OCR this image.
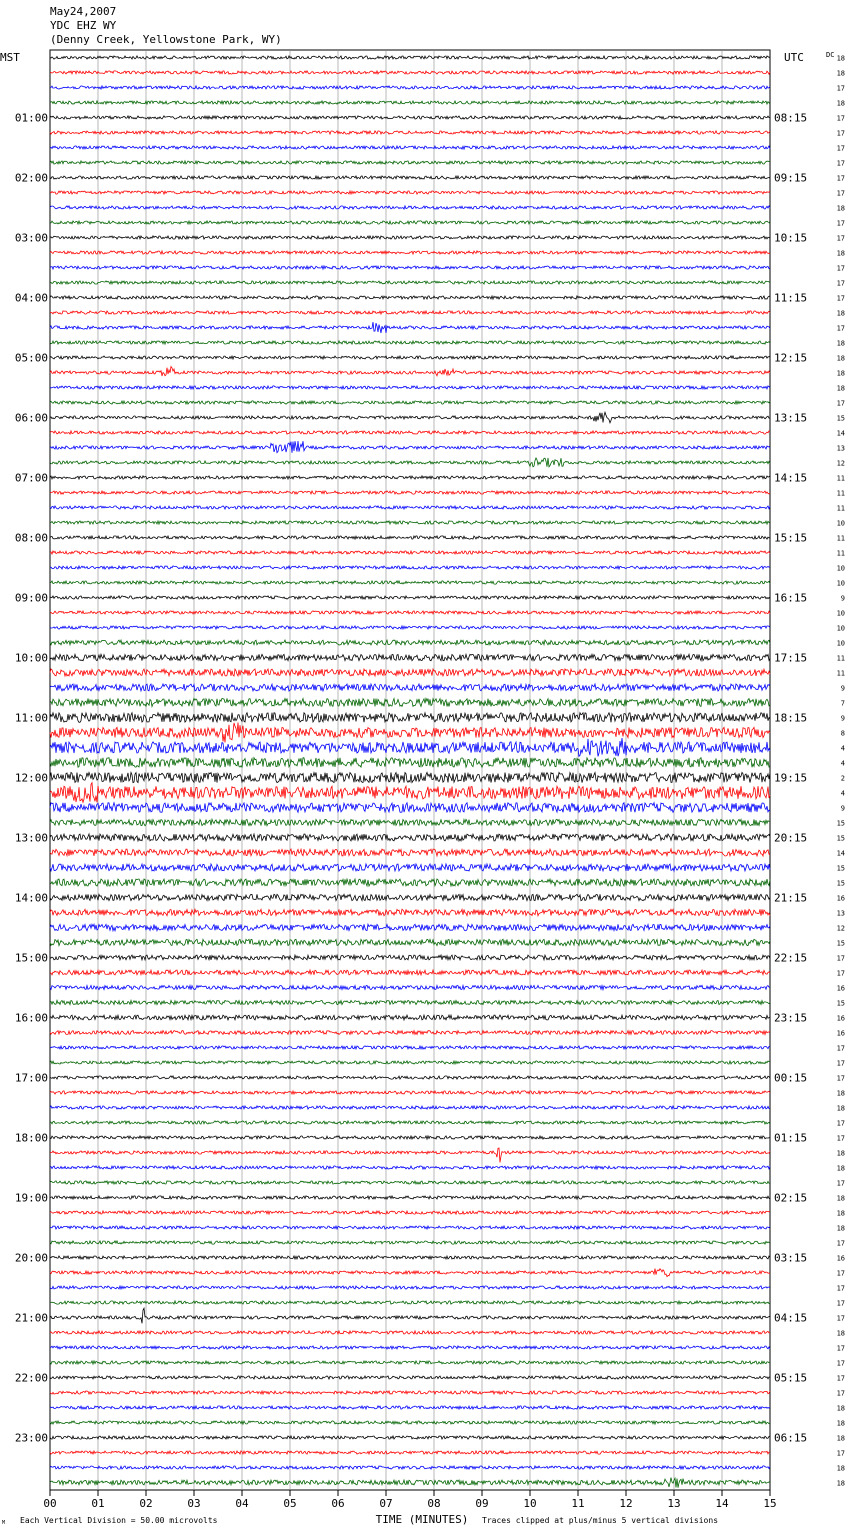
May24,2007
YDC EHZ WY
(Denny Creek, Yellowstone Park, WY)
MST	UTC	DC
01:00
02:00
03:00
04:00
05:00
06:00
07:00
08:00
09:00
10:00
11:00
12:00
13:00
14:00
15:00
16:00
17:00
18:00
19:00
20:00
21:00
22:00
23:00
08:15
09:15
10:15
11:15
12:15
13:15
14:15
15:15
16:15
17:15
18:15
19:15
20:15
21:15
22:15
23:15
00:15
01:15
02:15
03:15
04:15
05:15
06:15
18
18
17
18
17
17
17
17
17
17
18
17
17
18
17
17
17
18
17
18
18
18
18
17
15
14
13
12
11
11
11
10
11
11
10
10
9
10
10
10
11
11
9
7
9
8
4
4
2
4
9
15
15
14
15
15
16
13
12
15
17
17
16
15
16
16
17
17
17
18
18
17
17
18
18
17
18
18
18
17
16
17
17
17
17
18
17
17
17
17
18
18
18
17
18
18
00	01	02	03	04	05	06	07	08	09	10	11	12	13	14	15
M Each Vertical Division = 50.00 microvolts	TIME (MINUTES) Traces clipped at plus/minus 5 vertical divisions
